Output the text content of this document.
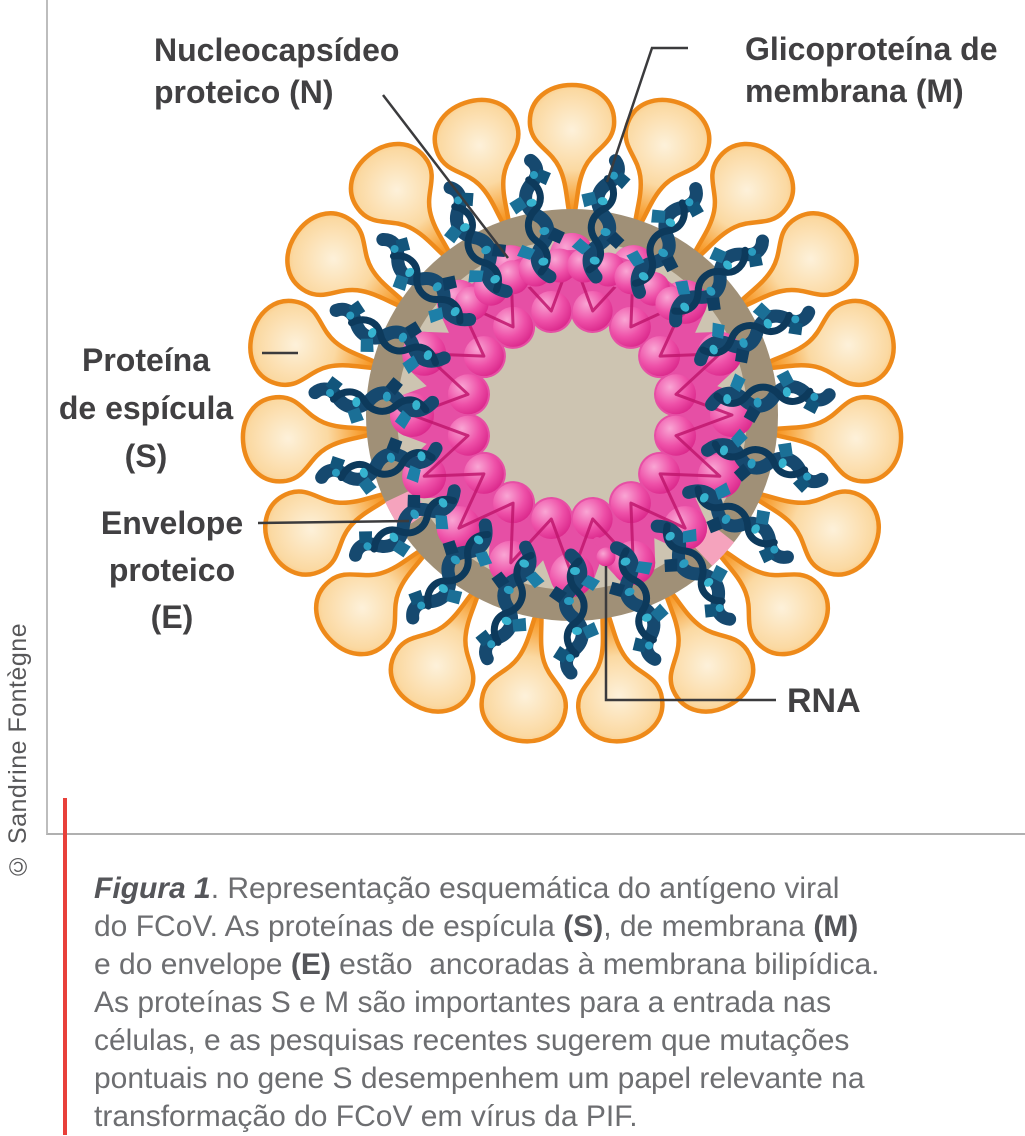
Nucleocapsídeo
proteico (N)
Glicoproteína de
membrana (M)
Proteína
de espícula
(S)
Envelope
proteico
(E)
RNA
© Sandrine Fontègne
Figura 1. Representação esquemática do antígeno viral
do FCoV. As proteínas de espícula (S), de membrana (M)
e do envelope (E) estão  ancoradas à membrana bilipídica.
As proteínas S e M são importantes para a entrada nas
células, e as pesquisas recentes sugerem que mutações
pontuais no gene S desempenhem um papel relevante na
transformação do FCoV em vírus da PIF.
